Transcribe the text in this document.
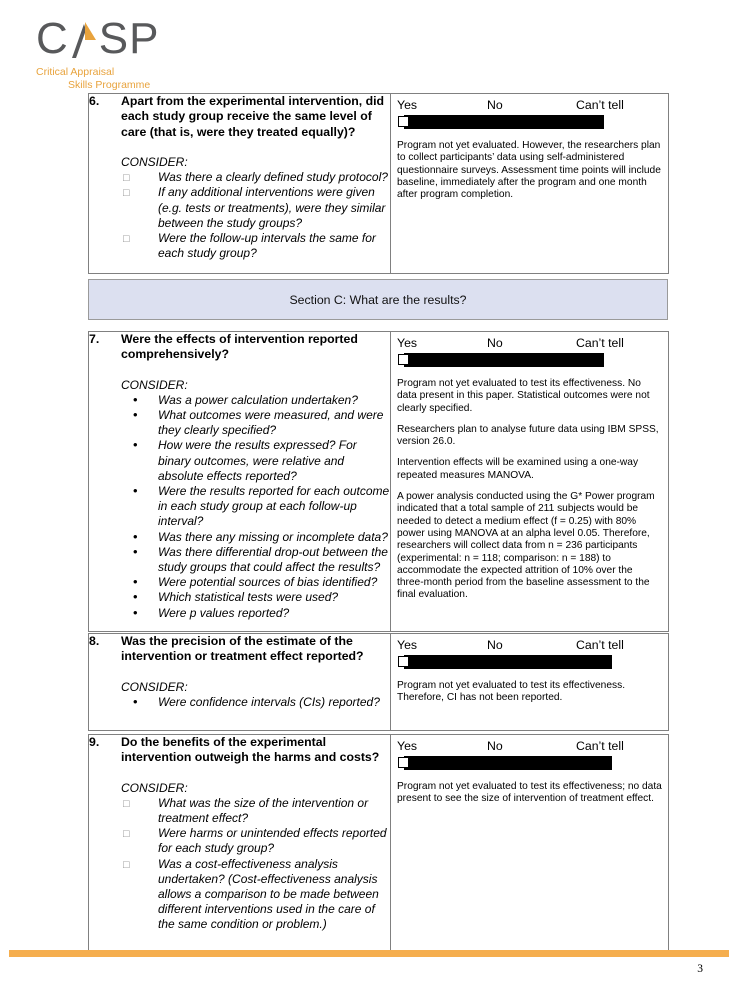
C S P
Critical Appraisal
Skills Programme
6.	Apart from the experimental intervention, did each study group receive the same level of care (that is, were they treated equally)?
CONSIDER:
□	Was there a clearly defined study protocol?
□	If any additional interventions were given (e.g. tests or treatments), were they similar between the study groups?
□	Were the follow-up intervals the same for each study group?

Yes	No	Can’t tell

Program not yet evaluated. However, the researchers plan to collect participants’ data using self-administered questionnaire surveys. Assessment time points will include baseline, immediately after the program and one month after program completion.

Section C: What are the results?
7.	Were the effects of intervention reported comprehensively?
CONSIDER:
•	Was a power calculation undertaken?
•	What outcomes were measured, and were they clearly specified?
•	How were the results expressed? For binary outcomes, were relative and absolute effects reported?
•	Were the results reported for each outcome in each study group at each follow-up interval?
•	Was there any missing or incomplete data?
•	Was there differential drop-out between the study groups that could affect the results?
•	Were potential sources of bias identified?
•	Which statistical tests were used?
•	Were p values reported?

Yes	No	Can’t tell

Program not yet evaluated to test its effectiveness. No data present in this paper. Statistical outcomes were not clearly specified.

Researchers plan to analyse future data using IBM SPSS, version 26.0.

Intervention effects will be examined using a one-way repeated measures MANOVA.

A power analysis conducted using the G* Power program indicated that a total sample of 211 subjects would be needed to detect a medium effect (f = 0.25) with 80% power using MANOVA at an alpha level 0.05. Therefore, researchers will collect data from n = 236 participants (experimental: n = 118; comparison: n = 188) to accommodate the expected attrition of 10% over the three-month period from the baseline assessment to the final evaluation.

8.	Was the precision of the estimate of the intervention or treatment effect reported?
CONSIDER:
•	Were confidence intervals (CIs) reported?

Yes	No	Can’t tell

Program not yet evaluated to test its effectiveness. Therefore, CI has not been reported.

9.	Do the benefits of the experimental intervention outweigh the harms and costs?
CONSIDER:
□	What was the size of the intervention or treatment effect?
□	Were harms or unintended effects reported for each study group?
□	Was a cost-effectiveness analysis undertaken? (Cost-effectiveness analysis allows a comparison to be made between different interventions used in the care of the same condition or problem.)

Yes	No	Can’t tell

Program not yet evaluated to test its effectiveness; no data present to see the size of intervention of treatment effect.

3
